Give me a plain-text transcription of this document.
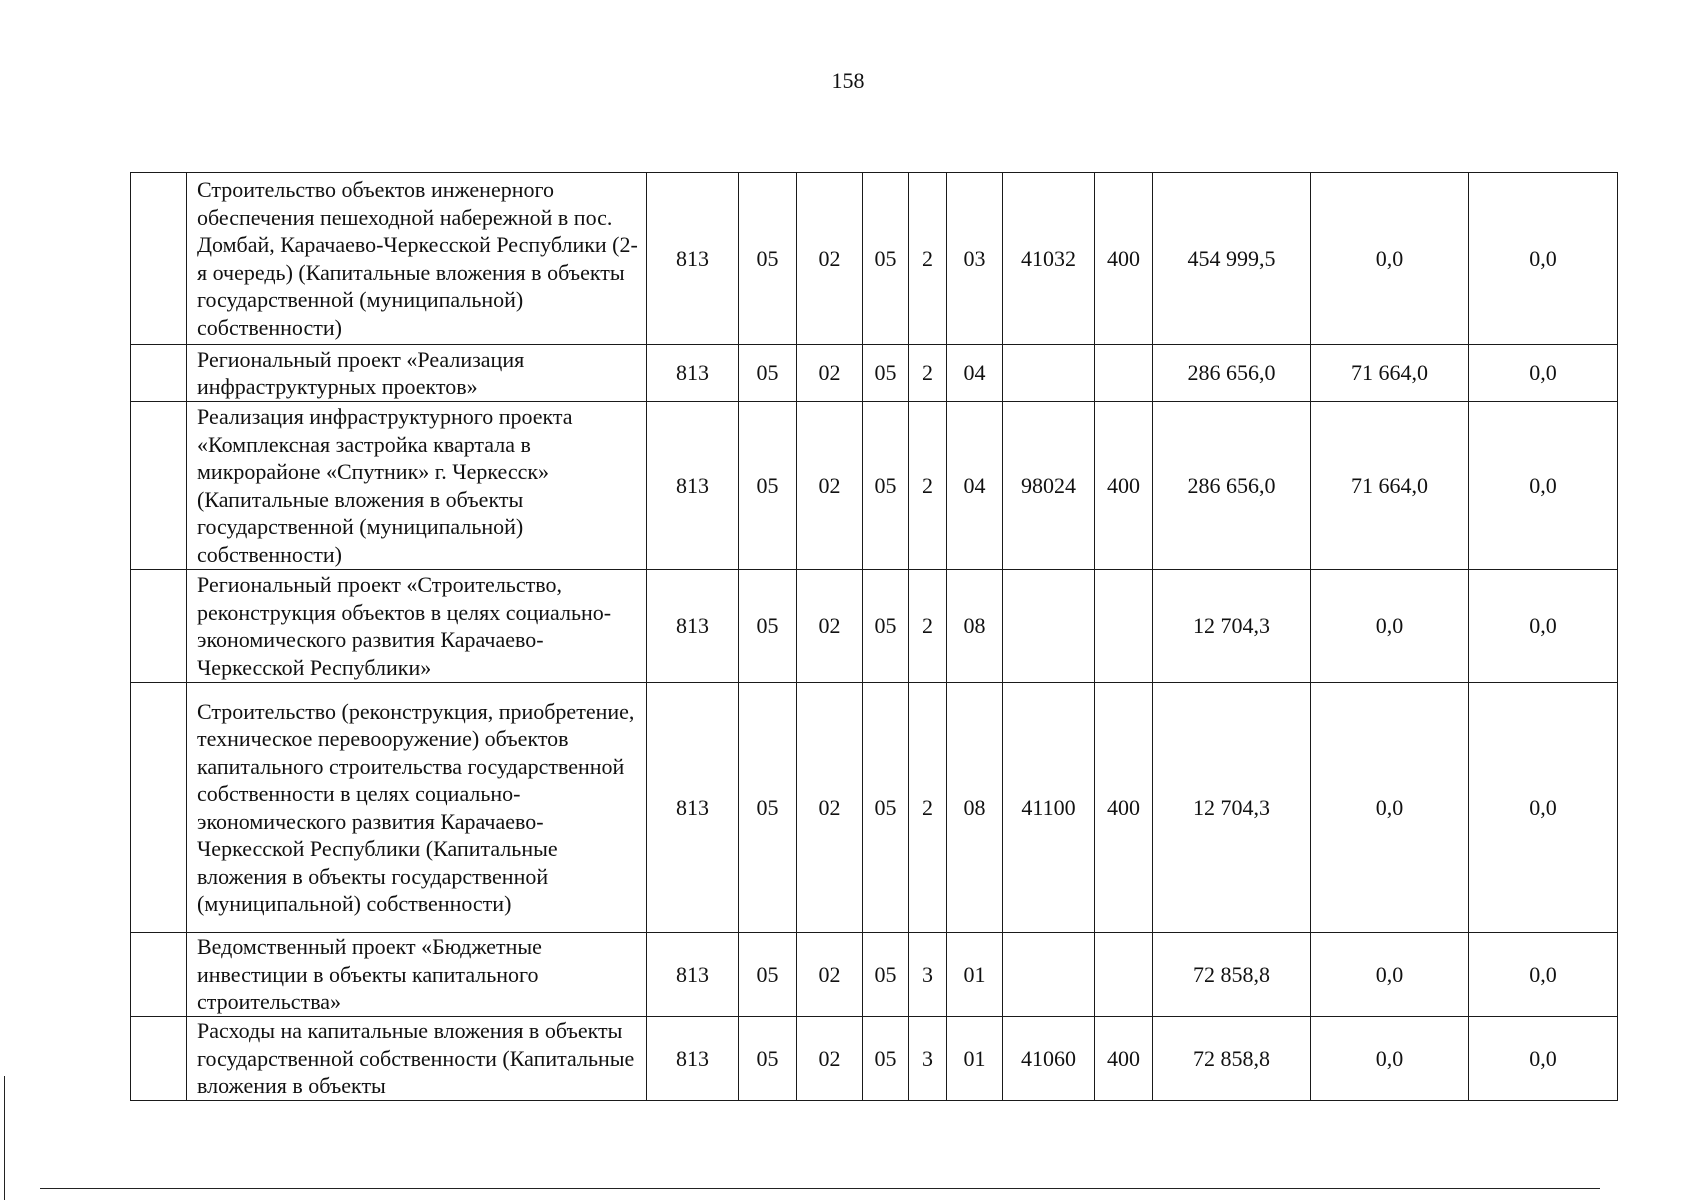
158
	Строительство объектов инженерного обеспечения пешеходной набережной в пос. Домбай, Карачаево-Черкесской Республики (2-я очередь) (Капитальные вложения в объекты государственной (муниципальной) собственности)	813	05	02	05	2	03	41032	400	454 999,5	0,0	0,0
	Региональный проект «Реализация инфраструктурных проектов»	813	05	02	05	2	04			286 656,0	71 664,0	0,0
	Реализация инфраструктурного проекта «Комплексная застройка квартала в микрорайоне «Спутник» г. Черкесск» (Капитальные вложения в объекты государственной (муниципальной) собственности)	813	05	02	05	2	04	98024	400	286 656,0	71 664,0	0,0
	Региональный проект «Строительство, реконструкция объектов в целях социально-экономического развития Карачаево-Черкесской Республики»	813	05	02	05	2	08			12 704,3	0,0	0,0
	Строительство (реконструкция, приобретение, техническое перевооружение) объектов капитального строительства государственной собственности в целях социально-экономического развития Карачаево-Черкесской Республики (Капитальные вложения в объекты государственной (муниципальной) собственности)	813	05	02	05	2	08	41100	400	12 704,3	0,0	0,0
	Ведомственный проект «Бюджетные инвестиции в объекты капитального строительства»	813	05	02	05	3	01			72 858,8	0,0	0,0
	Расходы на капитальные вложения в объекты государственной собственности (Капитальные вложения в объекты	813	05	02	05	3	01	41060	400	72 858,8	0,0	0,0
